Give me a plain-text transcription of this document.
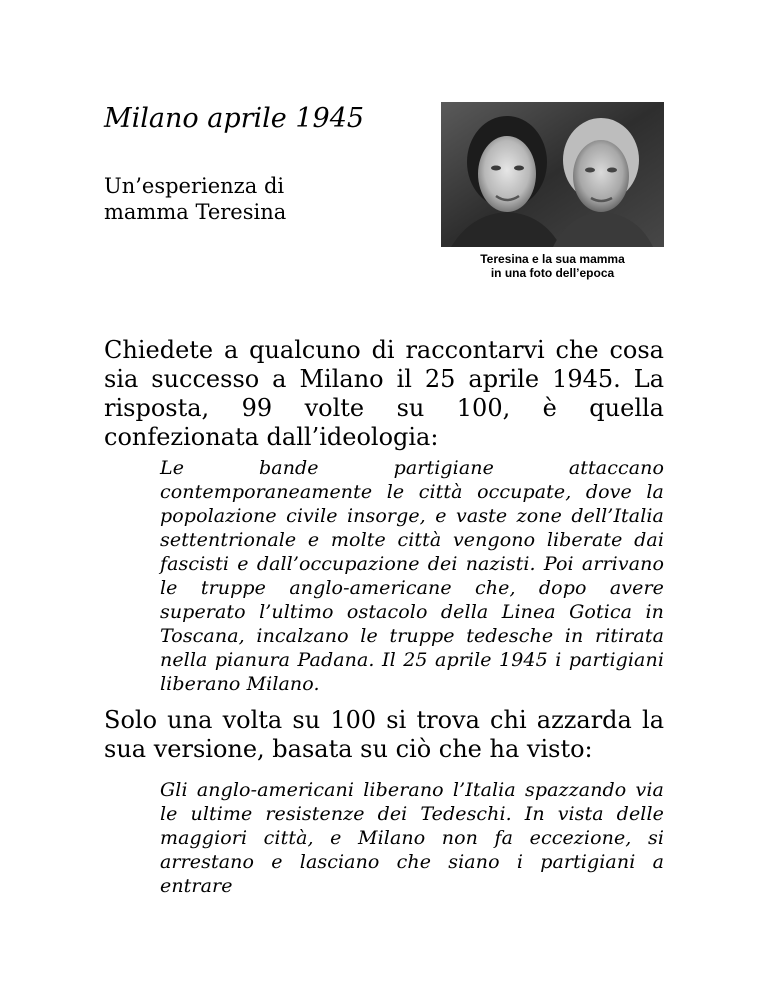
Milano aprile 1945
Un’esperienza di
mamma Teresina
Teresina e la sua mamma
in una foto dell’epoca
Chiedete a qualcuno di raccontarvi che cosa sia successo a Milano il 25 aprile 1945. La risposta, 99 volte su 100, è quella confezionata dall’ideologia:
Le bande partigiane attaccano contemporaneamente le città occupate, dove la popolazione civile insorge, e vaste zone dell’Italia settentrionale e molte città vengono liberate dai fascisti e dall’occupazione dei nazisti. Poi arrivano le truppe anglo-americane che, dopo avere superato l’ultimo ostacolo della Linea Gotica in Toscana, incalzano le truppe tedesche in ritirata nella pianura Padana. Il 25 aprile 1945 i partigiani liberano Milano.
Solo una volta su 100 si trova chi azzarda la sua versione, basata su ciò che ha visto:
Gli anglo-americani liberano l’Italia spazzando via le ultime resistenze dei Tedeschi. In vista delle maggiori città, e Milano non fa eccezione, si arrestano e lasciano che siano i partigiani a entrare
